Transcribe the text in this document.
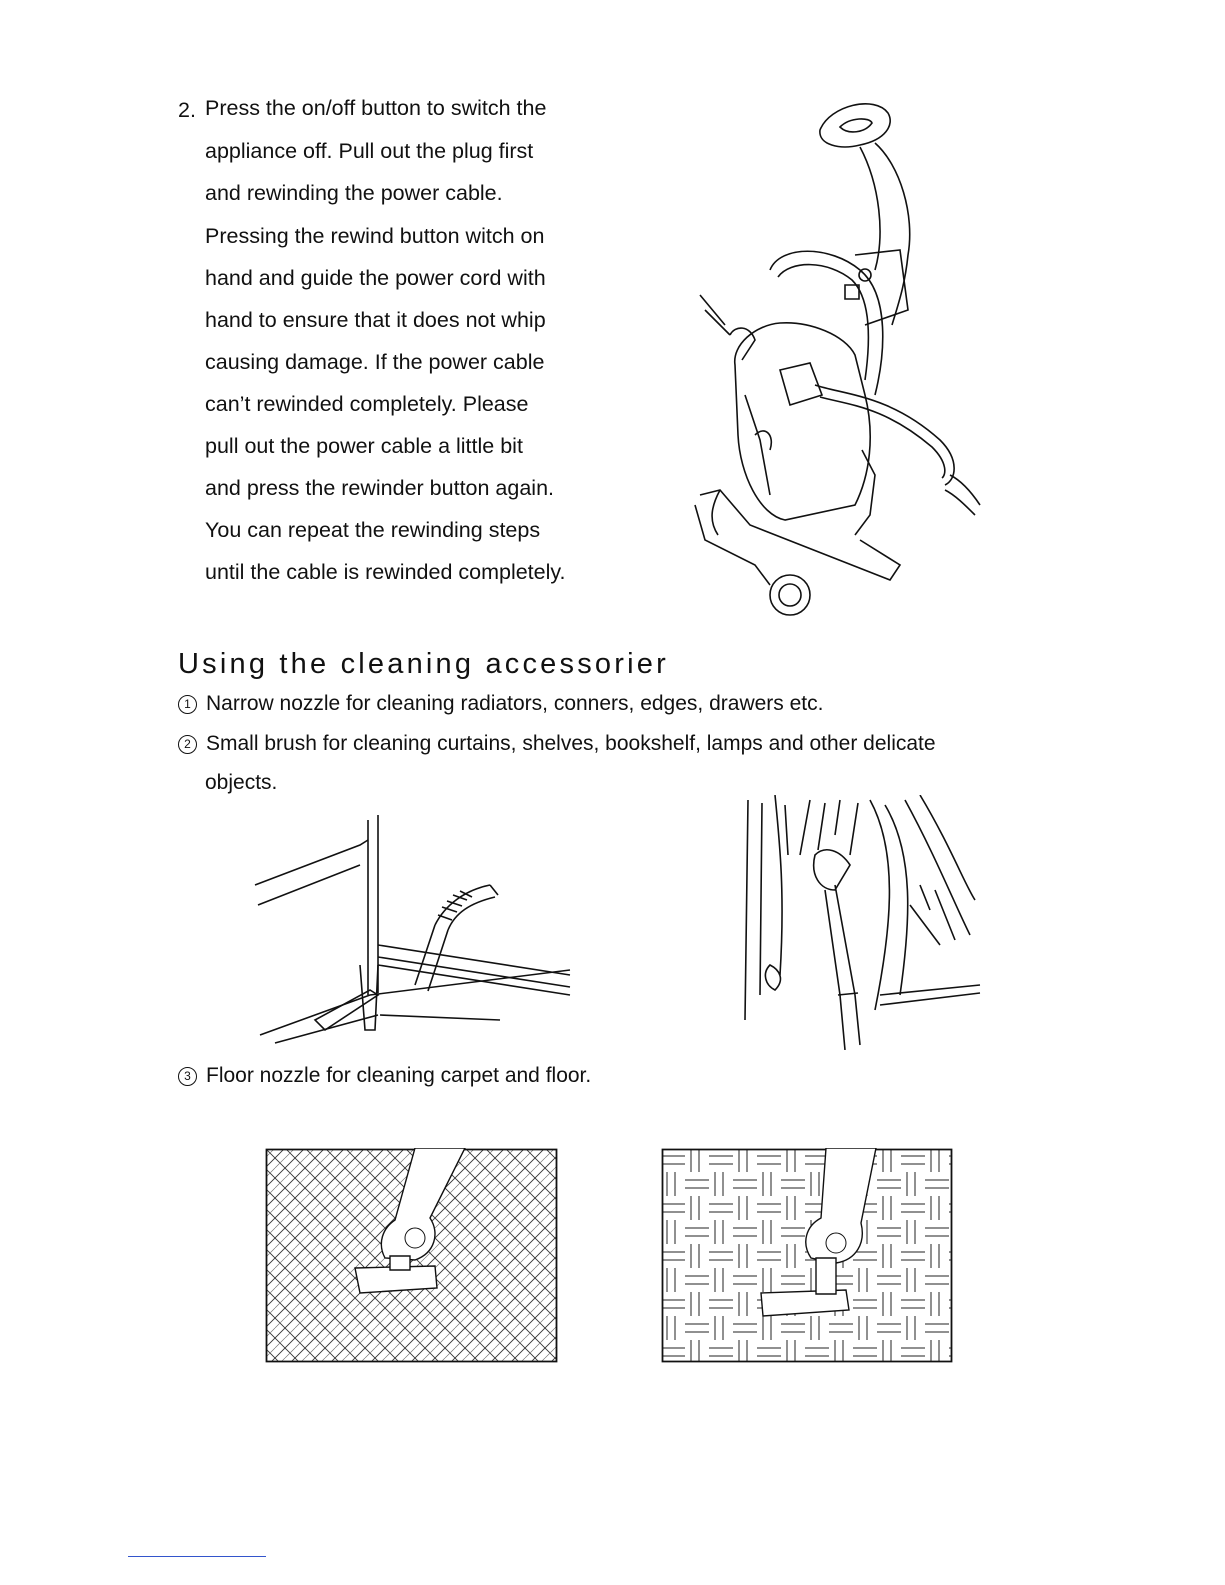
2. Press the on/off button to switch the
appliance off. Pull out the plug first
and rewinding the power cable.
Pressing the rewind button witch on
hand and guide the power cord with
hand to ensure that it does not whip
causing damage. If the power cable
can’t rewinded completely. Please
pull out the power cable a little bit
and press the rewinder button again.
You can repeat the rewinding steps
until the cable is rewinded completely.
Using the cleaning accessorier
1 Narrow nozzle for cleaning radiators, conners, edges, drawers etc.
2 Small brush for cleaning curtains, shelves, bookshelf, lamps and other delicate
objects.
3 Floor nozzle for cleaning carpet and floor.
